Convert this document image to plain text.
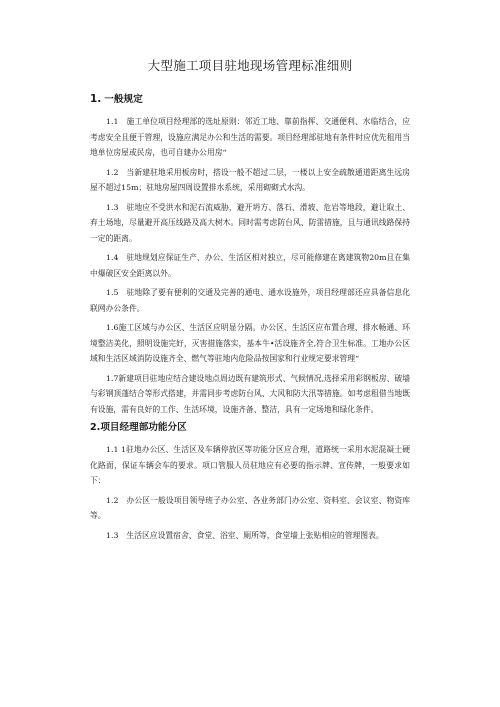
大型施工项目驻地现场管理标准细则
1. 一般规定

1.1 施工单位项目经理部的选址原则：邻近工地、靠前指挥、交通便利、水临结合，应考虑安全且便于管理，设施应满足办公和生活的需要。项目经理部驻地有条件时应优先租用当地单位房屋或民房，也可自建办公用房“

1.2 当新建驻地采用板房时，搭设一般不超过二层，一楼以上安全疏散通道距离生远房屋不超过15m；驻地房屋四周设置排水系统，采用砌砌式水沟。

1.3 驻地应不受洪水和泥石流威胁，避开坍方、落石、滑坡、危岩等地段，避让取土、弃土场地，尽量避开高压线路及高大树木。同时需考虑防台风、防雷措施，且与通讯线路保持一定的距离。

1.4 驻地规划应保证生产、办公、生活区相对独立，尽可能修建在离建筑物20m且在集中爆破区安全距离以外。

1.5 驻地除了要有便利的交通及完善的通电、通水设施外，项目经理部还应具备信息化联网办公条件。

1.6施工区域与办公区、生活区应明显分隔。办公区、生活区应布置合理、排水畅通、环境整洁美化，照明设施完好，灭害措施落实，基本牛•活设施齐全,符合卫生标准。工地办公区域和生活区域消防设施齐全、燃气等驻地内危险品按国家和行业规定要求管理“

1.7新建项目驻地应结合建设地点周边既有建筑形式、气候情况,选择采用彩钢板房、破墙与彩钢顶蓬结合等形式搭建，并需同步考虑防台风、大风和防大汛等措施。如考虑租借当地既有设施，需有良好的工作、生活环境，设施齐备、整洁，具有一定场地和绿化条件。

2.项目经理部功能分区

1.1 1驻地办公区、生活区及车辆停放区等功能分区应合理，道路统一采用水泥混凝土硬化路面，保证车辆会车的要求。项口管服人员驻地应有必要的指示牌、宣传牌，一般要求如下：

1.2 办公区一般设项目领导班子办公室、各业务部门办公室、资料室、会议室、物资库等。

1.3 生活区应设置宿舍、食堂、浴室、厕所等，食堂墙上张贴相应的管理图表。
